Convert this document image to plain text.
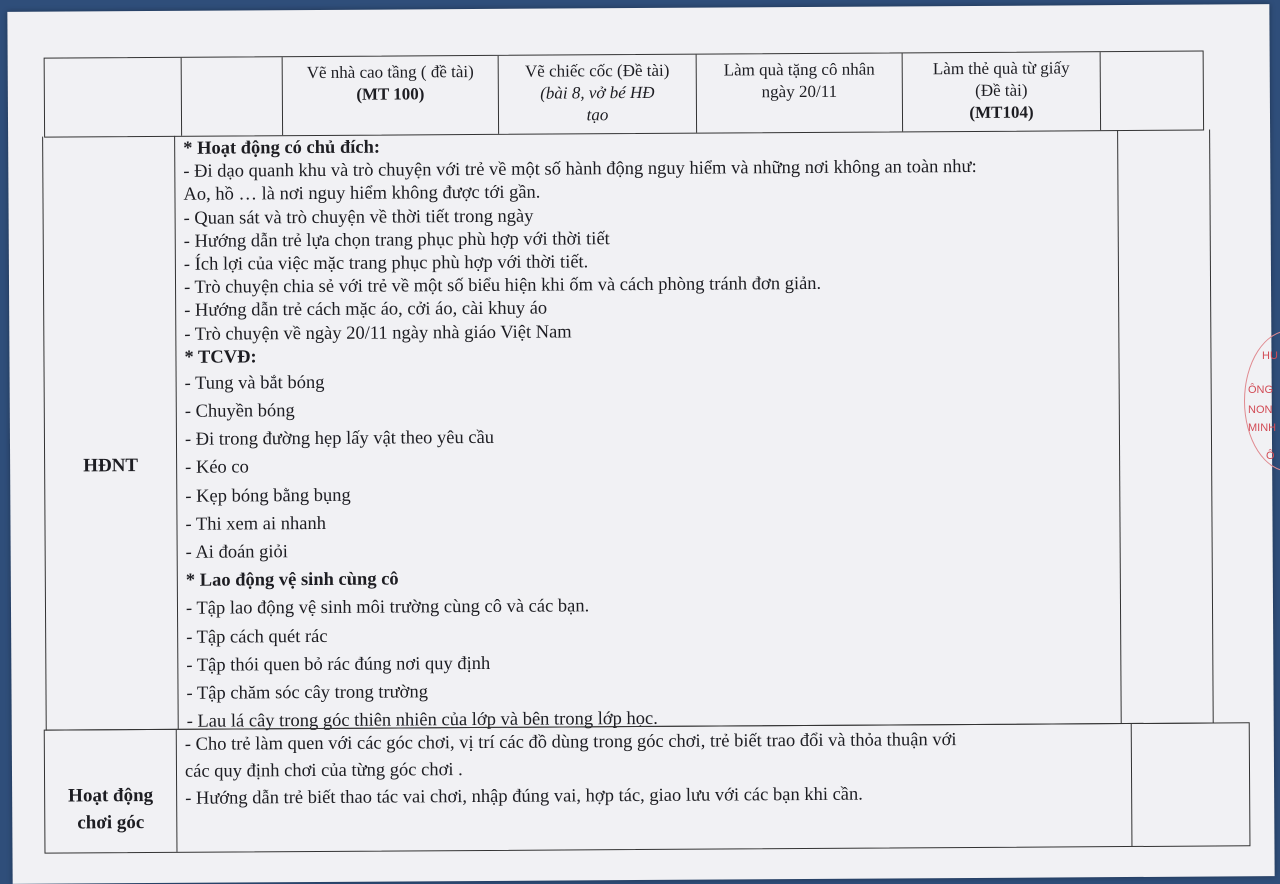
Vẽ nhà cao tầng ( đề tài)
(MT 100)
Vẽ chiếc cốc (Đề tài)
(bài 8, vở bé HĐ
tạo
Làm quà tặng cô nhân
ngày 20/11
Làm thẻ quà từ giấy
(Đề tài)
(MT104)
HĐNT
* Hoạt động có chủ đích:
- Đi dạo quanh khu và trò chuyện với trẻ về một số hành động nguy hiểm và những nơi không an toàn như:
Ao, hồ … là nơi nguy hiểm không được tới gần.
- Quan sát và trò chuyện về thời tiết trong ngày
- Hướng dẫn trẻ lựa chọn trang phục phù hợp với thời tiết
- Ích lợi của việc mặc trang phục phù hợp với thời tiết.
- Trò chuyện chia sẻ với trẻ về một số biểu hiện khi ốm và cách phòng tránh đơn giản.
- Hướng dẫn trẻ cách mặc áo, cởi áo, cài khuy áo
- Trò chuyện về ngày 20/11 ngày nhà giáo Việt Nam
* TCVĐ:
- Tung và bắt bóng
- Chuyền bóng
- Đi trong đường hẹp lấy vật theo yêu cầu
- Kéo co
- Kẹp bóng bằng bụng
- Thi xem ai nhanh
- Ai đoán giỏi
* Lao động vệ sinh cùng cô
- Tập lao động vệ sinh môi trường cùng cô và các bạn.
- Tập cách quét rác
- Tập thói quen bỏ rác đúng nơi quy định
- Tập chăm sóc cây trong trường
- Lau lá cây trong góc thiên nhiên của lớp và bên trong lớp học.
Hoạt động
chơi góc
- Cho trẻ làm quen với các góc chơi, vị trí các đồ dùng trong góc chơi, trẻ biết trao đổi và thỏa thuận với
các quy định chơi của từng góc chơi .
- Hướng dẫn trẻ biết thao tác vai chơi, nhập đúng vai, hợp tác, giao lưu với các bạn khi cần.
HU
ÔNG
NON
MINH
Ô
